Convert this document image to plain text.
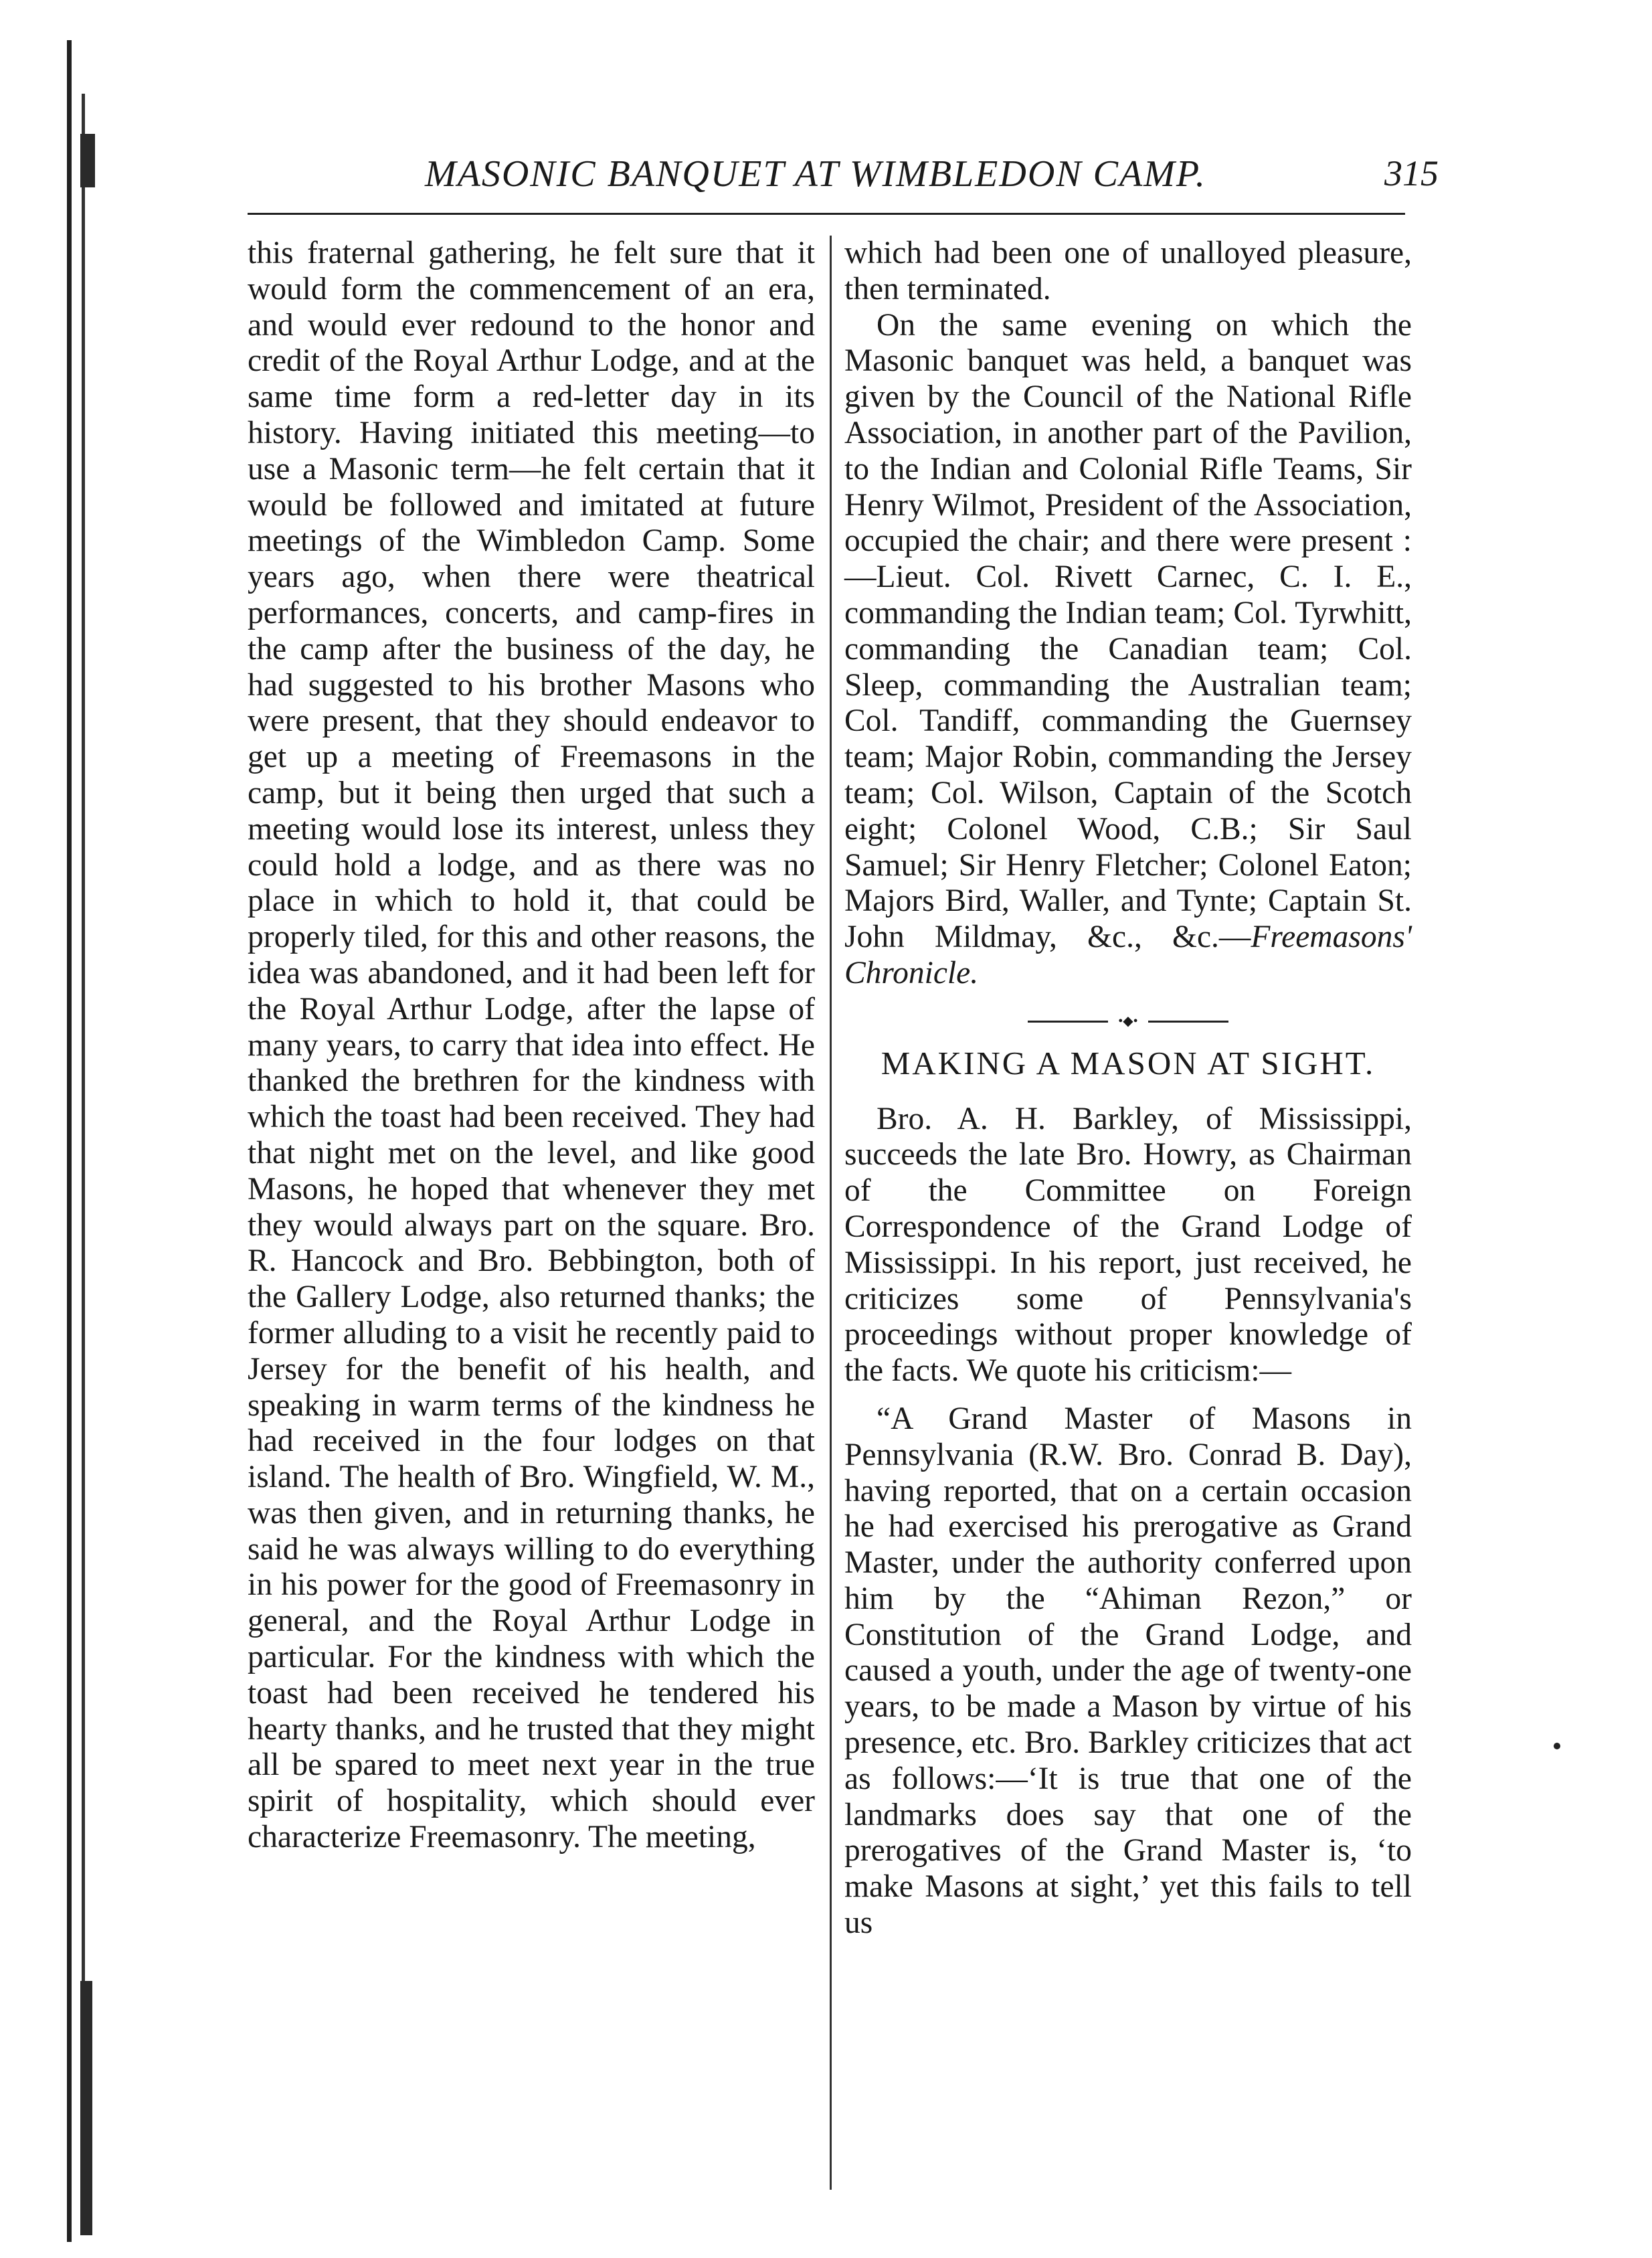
MASONIC BANQUET AT WIMBLEDON CAMP.	315

this fraternal gathering, he felt sure that it would form the commencement of an era, and would ever redound to the honor and credit of the Royal Arthur Lodge, and at the same time form a red-letter day in its history. Having initiated this meeting—to use a Masonic term—he felt certain that it would be followed and imitated at future meetings of the Wimbledon Camp. Some years ago, when there were theatrical performances, concerts, and camp-fires in the camp after the business of the day, he had suggested to his brother Masons who were present, that they should endeavor to get up a meeting of Freemasons in the camp, but it being then urged that such a meeting would lose its interest, unless they could hold a lodge, and as there was no place in which to hold it, that could be properly tiled, for this and other reasons, the idea was abandoned, and it had been left for the Royal Arthur Lodge, after the lapse of many years, to carry that idea into effect. He thanked the brethren for the kindness with which the toast had been received. They had that night met on the level, and like good Masons, he hoped that whenever they met they would always part on the square. Bro. R. Hancock and Bro. Bebbington, both of the Gallery Lodge, also returned thanks; the former alluding to a visit he recently paid to Jersey for the benefit of his health, and speaking in warm terms of the kindness he had received in the four lodges on that island. The health of Bro. Wingfield, W. M., was then given, and in returning thanks, he said he was always willing to do everything in his power for the good of Freemasonry in general, and the Royal Arthur Lodge in particular. For the kindness with which the toast had been received he tendered his hearty thanks, and he trusted that they might all be spared to meet next year in the true spirit of hospitality, which should ever characterize Freemasonry. The meeting,

which had been one of unalloyed pleasure, then terminated.

On the same evening on which the Masonic banquet was held, a banquet was given by the Council of the National Rifle Association, in another part of the Pavilion, to the Indian and Colonial Rifle Teams, Sir Henry Wilmot, President of the Association, occupied the chair; and there were present :—Lieut. Col. Rivett Carnec, C. I. E., commanding the Indian team; Col. Tyrwhitt, commanding the Canadian team; Col. Sleep, commanding the Australian team; Col. Tandiff, commanding the Guernsey team; Major Robin, commanding the Jersey team; Col. Wilson, Captain of the Scotch eight; Colonel Wood, C.B.; Sir Saul Samuel; Sir Henry Fletcher; Colonel Eaton; Majors Bird, Waller, and Tynte; Captain St. John Mildmay, &c., &c.—Freemasons' Chronicle.

•◆•
MAKING A MASON AT SIGHT.

Bro. A. H. Barkley, of Mississippi, succeeds the late Bro. Howry, as Chairman of the Committee on Foreign Correspondence of the Grand Lodge of Mississippi. In his report, just received, he criticizes some of Pennsylvania's proceedings without proper knowledge of the facts. We quote his criticism:—

“A Grand Master of Masons in Pennsylvania (R.W. Bro. Conrad B. Day), having reported, that on a certain occasion he had exercised his prerogative as Grand Master, under the authority conferred upon him by the “Ahiman Rezon,” or Constitution of the Grand Lodge, and caused a youth, under the age of twenty-one years, to be made a Mason by virtue of his presence, etc. Bro. Barkley criticizes that act as follows:—‘It is true that one of the landmarks does say that one of the prerogatives of the Grand Master is, ‘to make Masons at sight,’ yet this fails to tell us
